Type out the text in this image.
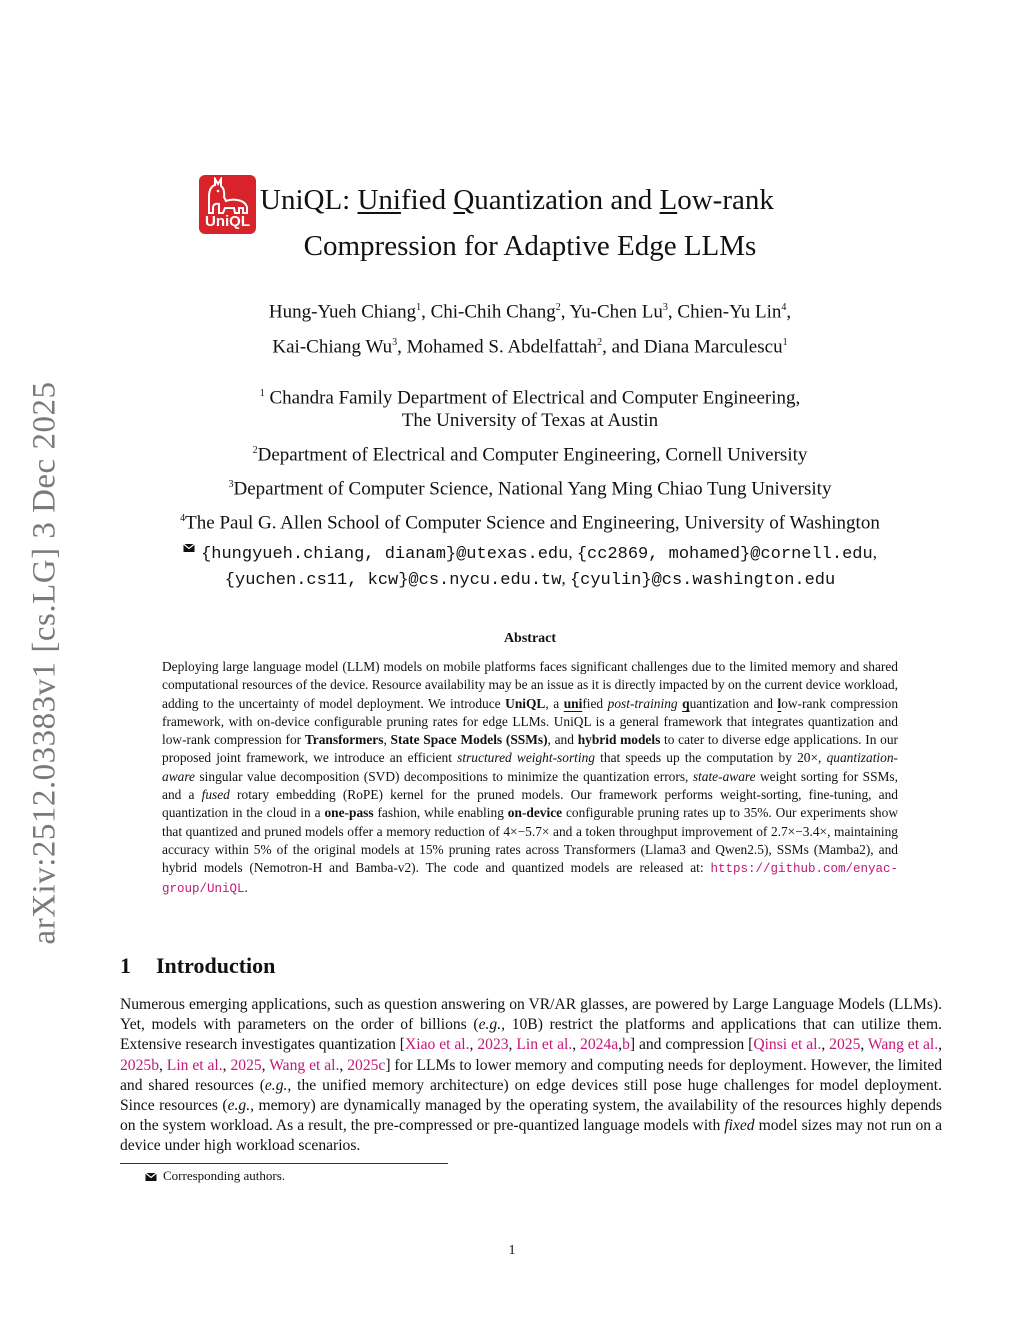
arXiv:2512.03383v1 [cs.LG] 3 Dec 2025
UniQL
UniQL: Unified Quantization and Low-rank
Compression for Adaptive Edge LLMs
Hung-Yueh Chiang$^1$, Chi-Chih Chang$^2$, Yu-Chen Lu$^3$, Chien-Yu Lin$^4$,
Kai-Chiang Wu$^3$, Mohamed S. Abdelfattah$^2$, and Diana Marculescu$^1$
$^1$ Chandra Family Department of Electrical and Computer Engineering,
The University of Texas at Austin
$^2$Department of Electrical and Computer Engineering, Cornell University
$^3$Department of Computer Science, National Yang Ming Chiao Tung University
$^4$The Paul G. Allen School of Computer Science and Engineering, University of Washington
{hungyueh.chiang, dianam}@utexas.edu, {cc2869, mohamed}@cornell.edu,
{yuchen.cs11, kcw}@cs.nycu.edu.tw, {cyulin}@cs.washington.edu
Abstract
Deploying large language model (LLM) models on mobile platforms faces significant challenges due to the limited memory and shared computational resources of the device. Resource availability may be an issue as it is directly impacted by on the current device workload, adding to the uncertainty of model deployment. We introduce UniQL, a unified post-training quantization and low-rank compression framework, with on-device configurable pruning rates for edge LLMs. UniQL is a general framework that integrates quantization and low-rank compression for Transformers, State Space Models (SSMs), and hybrid models to cater to diverse edge applications. In our proposed joint framework, we introduce an efficient structured weight-sorting that speeds up the computation by 20×, quantization-aware singular value decomposition (SVD) decompositions to minimize the quantization errors, state-aware weight sorting for SSMs, and a fused rotary embedding (RoPE) kernel for the pruned models. Our framework performs weight-sorting, fine-tuning, and quantization in the cloud in a one-pass fashion, while enabling on-device configurable pruning rates up to 35%. Our experiments show that quantized and pruned models offer a memory reduction of 4×−5.7× and a token throughput improvement of 2.7×−3.4×, maintaining accuracy within 5% of the original models at 15% pruning rates across Transformers (Llama3 and Qwen2.5), SSMs (Mamba2), and hybrid models (Nemotron-H and Bamba-v2). The code and quantized models are released at: https://github.com/enyac-group/UniQL.
1 Introduction
Numerous emerging applications, such as question answering on VR/AR glasses, are powered by Large Language Models (LLMs). Yet, models with parameters on the order of billions (e.g., 10B) restrict the platforms and applications that can utilize them. Extensive research investigates quantization [Xiao et al., 2023, Lin et al., 2024a,b] and compression [Qinsi et al., 2025, Wang et al., 2025b, Lin et al., 2025, Wang et al., 2025c] for LLMs to lower memory and computing needs for deployment. However, the limited and shared resources (e.g., the unified memory architecture) on edge devices still pose huge challenges for model deployment. Since resources (e.g., memory) are dynamically managed by the operating system, the availability of the resources highly depends on the system workload. As a result, the pre-compressed or pre-quantized language models with fixed model sizes may not run on a device under high workload scenarios.
Corresponding authors.
1
